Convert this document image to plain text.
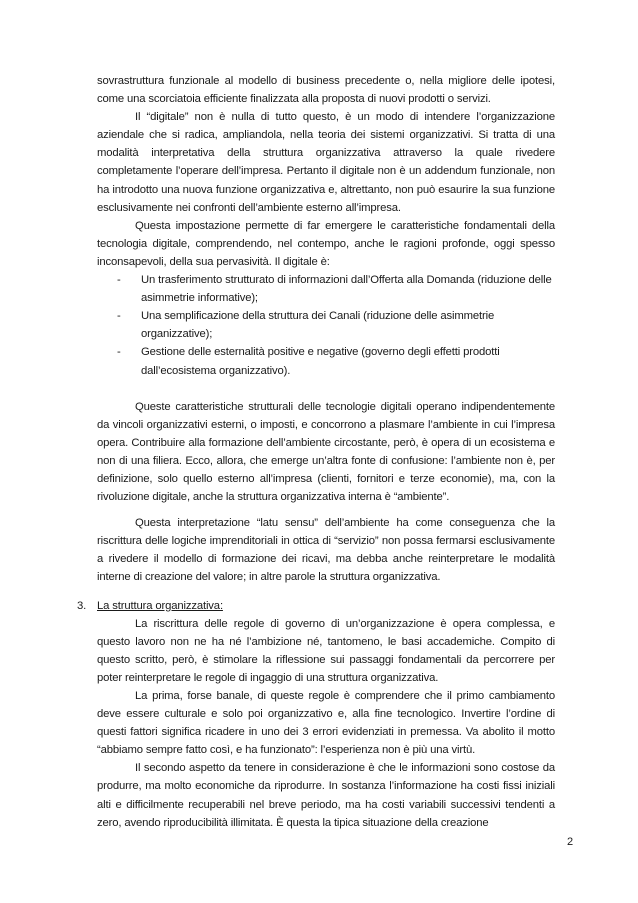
sovrastruttura funzionale al modello di business precedente o, nella migliore delle ipotesi, come una scorciatoia efficiente finalizzata alla proposta di nuovi prodotti o servizi.

Il “digitale” non è nulla di tutto questo, è un modo di intendere l’organizzazione aziendale che si radica, ampliandola, nella teoria dei sistemi organizzativi. Si tratta di una modalità interpretativa della struttura organizzativa attraverso la quale rivedere completamente l’operare dell’impresa. Pertanto il digitale non è un addendum funzionale, non ha introdotto una nuova funzione organizzativa e, altrettanto, non può esaurire la sua funzione esclusivamente nei confronti dell’ambiente esterno all’impresa.

Questa impostazione permette di far emergere le caratteristiche fondamentali della tecnologia digitale, comprendendo, nel contempo, anche le ragioni profonde, oggi spesso inconsapevoli, della sua pervasività. Il digitale è:

- Un trasferimento strutturato di informazioni dall’Offerta alla Domanda (riduzione delle asimmetrie informative);
- Una semplificazione della struttura dei Canali (riduzione delle asimmetrie organizzative);
- Gestione delle esternalità positive e negative (governo degli effetti prodotti dall’ecosistema organizzativo).

Queste caratteristiche strutturali delle tecnologie digitali operano indipendentemente da vincoli organizzativi esterni, o imposti, e concorrono a plasmare l’ambiente in cui l’impresa opera. Contribuire alla formazione dell’ambiente circostante, però, è opera di un ecosistema e non di una filiera. Ecco, allora, che emerge un’altra fonte di confusione: l’ambiente non è, per definizione, solo quello esterno all’impresa (clienti, fornitori e terze economie), ma, con la rivoluzione digitale, anche la struttura organizzativa interna è “ambiente”.

Questa interpretazione “latu sensu” dell’ambiente ha come conseguenza che la riscrittura delle logiche imprenditoriali in ottica di “servizio” non possa fermarsi esclusivamente a rivedere il modello di formazione dei ricavi, ma debba anche reinterpretare le modalità interne di creazione del valore; in altre parole la struttura organizzativa.

3. La struttura organizzativa:

La riscrittura delle regole di governo di un’organizzazione è opera complessa, e questo lavoro non ne ha né l’ambizione né, tantomeno, le basi accademiche. Compito di questo scritto, però, è stimolare la riflessione sui passaggi fondamentali da percorrere per poter reinterpretare le regole di ingaggio di una struttura organizzativa.

La prima, forse banale, di queste regole è comprendere che il primo cambiamento deve essere culturale e solo poi organizzativo e, alla fine tecnologico. Invertire l’ordine di questi fattori significa ricadere in uno dei 3 errori evidenziati in premessa. Va abolito il motto “abbiamo sempre fatto così, e ha funzionato”: l’esperienza non è più una virtù.

Il secondo aspetto da tenere in considerazione è che le informazioni sono costose da produrre, ma molto economiche da riprodurre. In sostanza l’informazione ha costi fissi iniziali alti e difficilmente recuperabili nel breve periodo, ma ha costi variabili successivi tendenti a zero, avendo riproducibilità illimitata. È questa la tipica situazione della creazione

2
